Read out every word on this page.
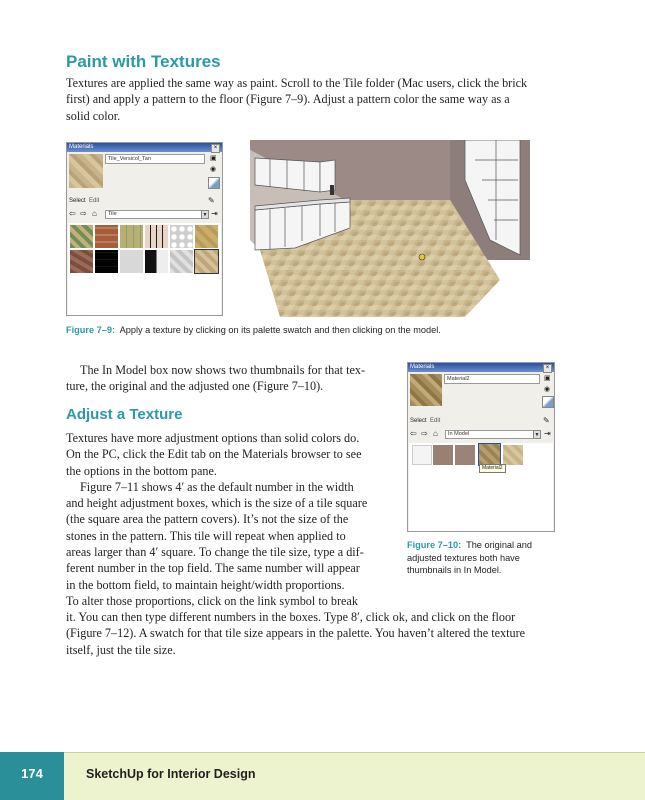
Paint with Textures
Textures are applied the same way as paint. Scroll to the Tile folder (Mac users, click the brick
first) and apply a pattern to the floor (Figure 7–9). Adjust a pattern color the same way as a
solid color.
Materials	×
Tile_Versicol_Tan	▣
◉
Select Edit	✎
⇦ ⇨ ⌂	Tile	▼ ⇥
Figure 7–9: Apply a texture by clicking on its palette swatch and then clicking on the model.
The In Model box now shows two thumbnails for that tex-
ture, the original and the adjusted one (Figure 7–10).
Adjust a Texture
Textures have more adjustment options than solid colors do.
On the PC, click the Edit tab on the Materials browser to see
the options in the bottom pane.
Figure 7–11 shows 4′ as the default number in the width
and height adjustment boxes, which is the size of a tile square
(the square area the pattern covers). It’s not the size of the
stones in the pattern. This tile will repeat when applied to
areas larger than 4′ square. To change the tile size, type a dif-
ferent number in the top field. The same number will appear
in the bottom field, to maintain height/width proportions.
To alter those proportions, click on the link symbol to break
it. You can then type different numbers in the boxes. Type 8′, click ok, and click on the floor
(Figure 7–12). A swatch for that tile size appears in the palette. You haven’t altered the texture
itself, just the tile size.
Materials	×
Material2	▣
◉
Select Edit	✎
⇦ ⇨ ⌂	In Model	▼ ⇥
Material2
Figure 7–10: The original and
adjusted textures both have
thumbnails in In Model.
174	SketchUp for Interior Design
